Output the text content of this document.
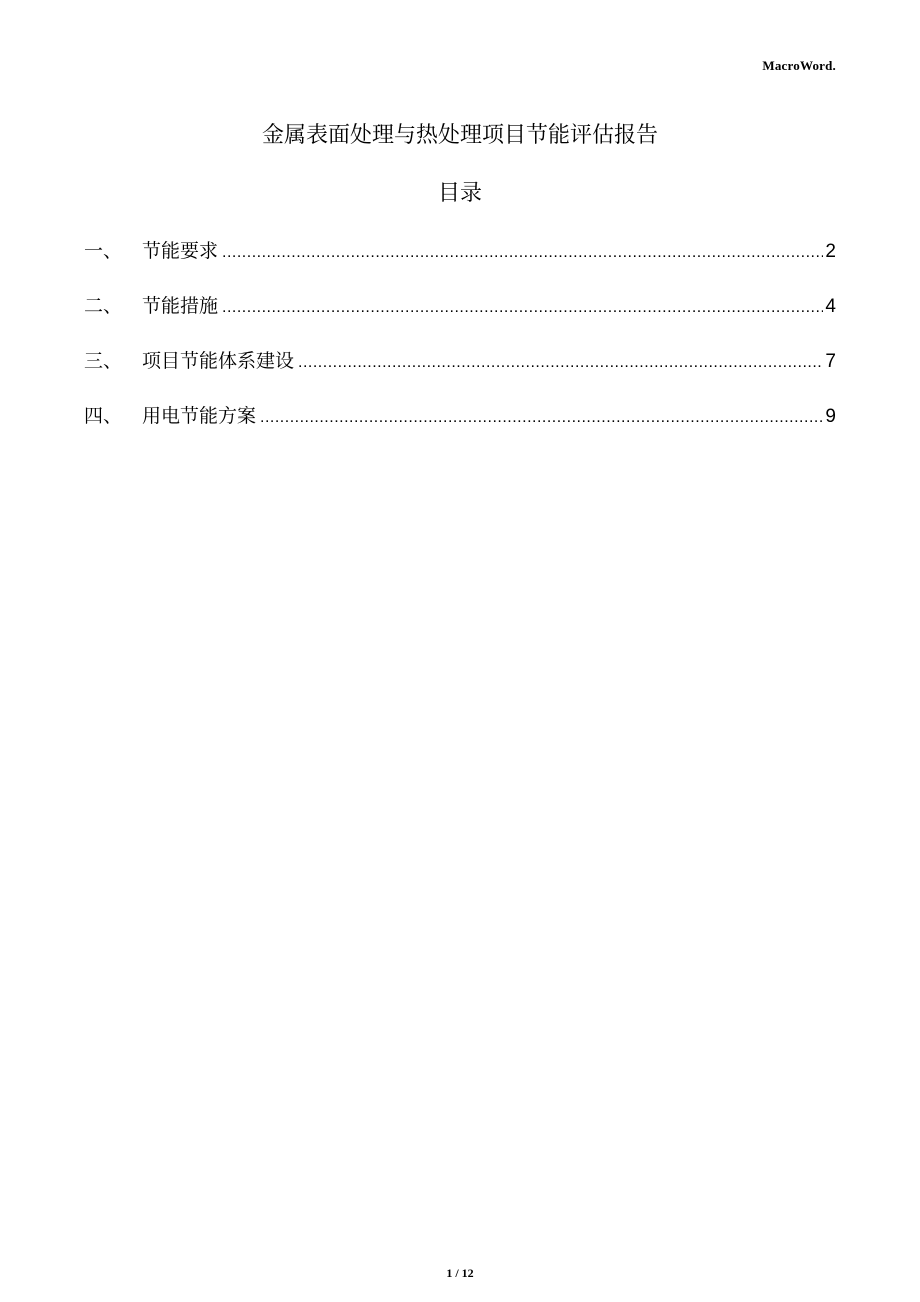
MacroWord.
金属表面处理与热处理项目节能评估报告
目录
一、	节能要求 .....	2
二、	节能措施 .....	4
三、	项目节能体系建设 .....	7
四、	用电节能方案 .....	9
1 / 12
